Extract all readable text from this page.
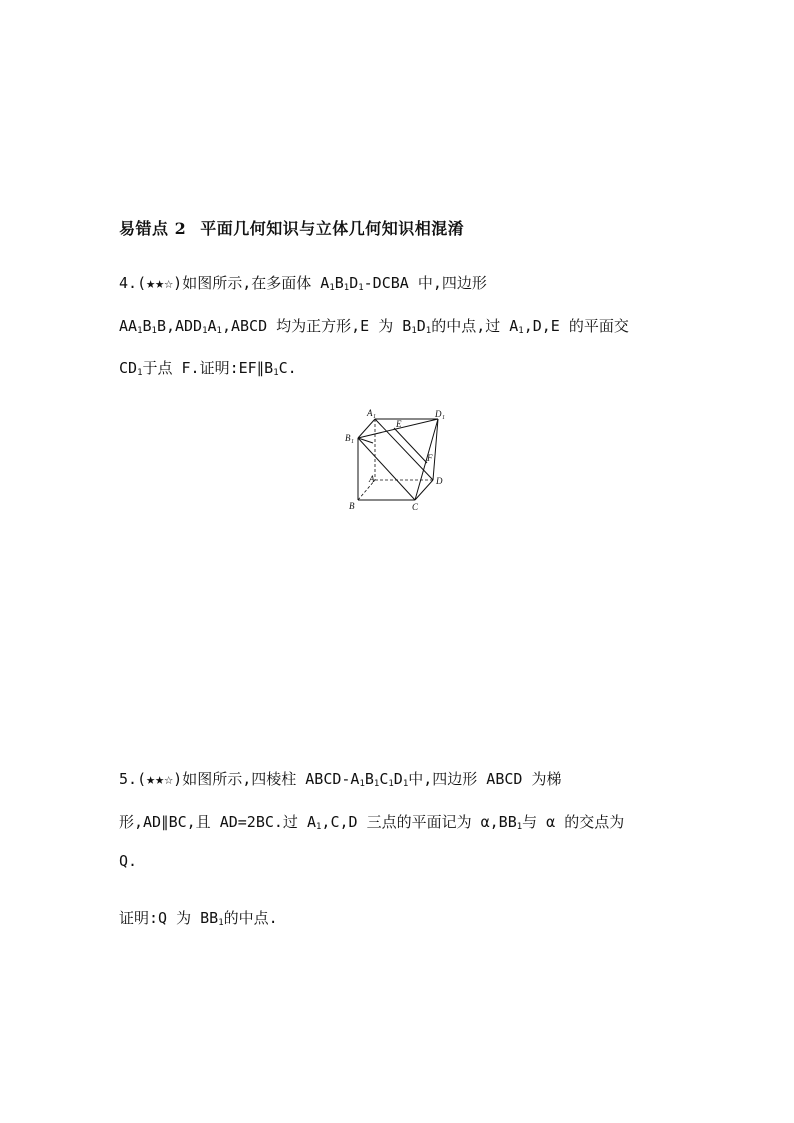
易错点 2 平面几何知识与立体几何知识相混淆
4.(★★☆)如图所示,在多面体 $A_1B_1D_1$-DCBA 中,四边形
$AA_1B_1B,ADD_1A_1,ABCD$ 均为正方形,E 为 $B_1D_1$的中点,过 $A_1,D,E$ 的平面交
$CD_1$于点 F.证明$:EF\parallel B_1C$.
A 1
B 1
D 1
E
F
A	D
B	C
5.(★★☆)如图所示,四棱柱 ABCD-$A_1B_1C_1D_1$中,四边形 ABCD 为梯
形,AD∥BC,且 AD=2BC.过 $A_1,C,D$ 三点的平面记为 $\alpha,BB_1$与 α 的交点为
Q.
证明:Q 为 $BB_1$的中点.
